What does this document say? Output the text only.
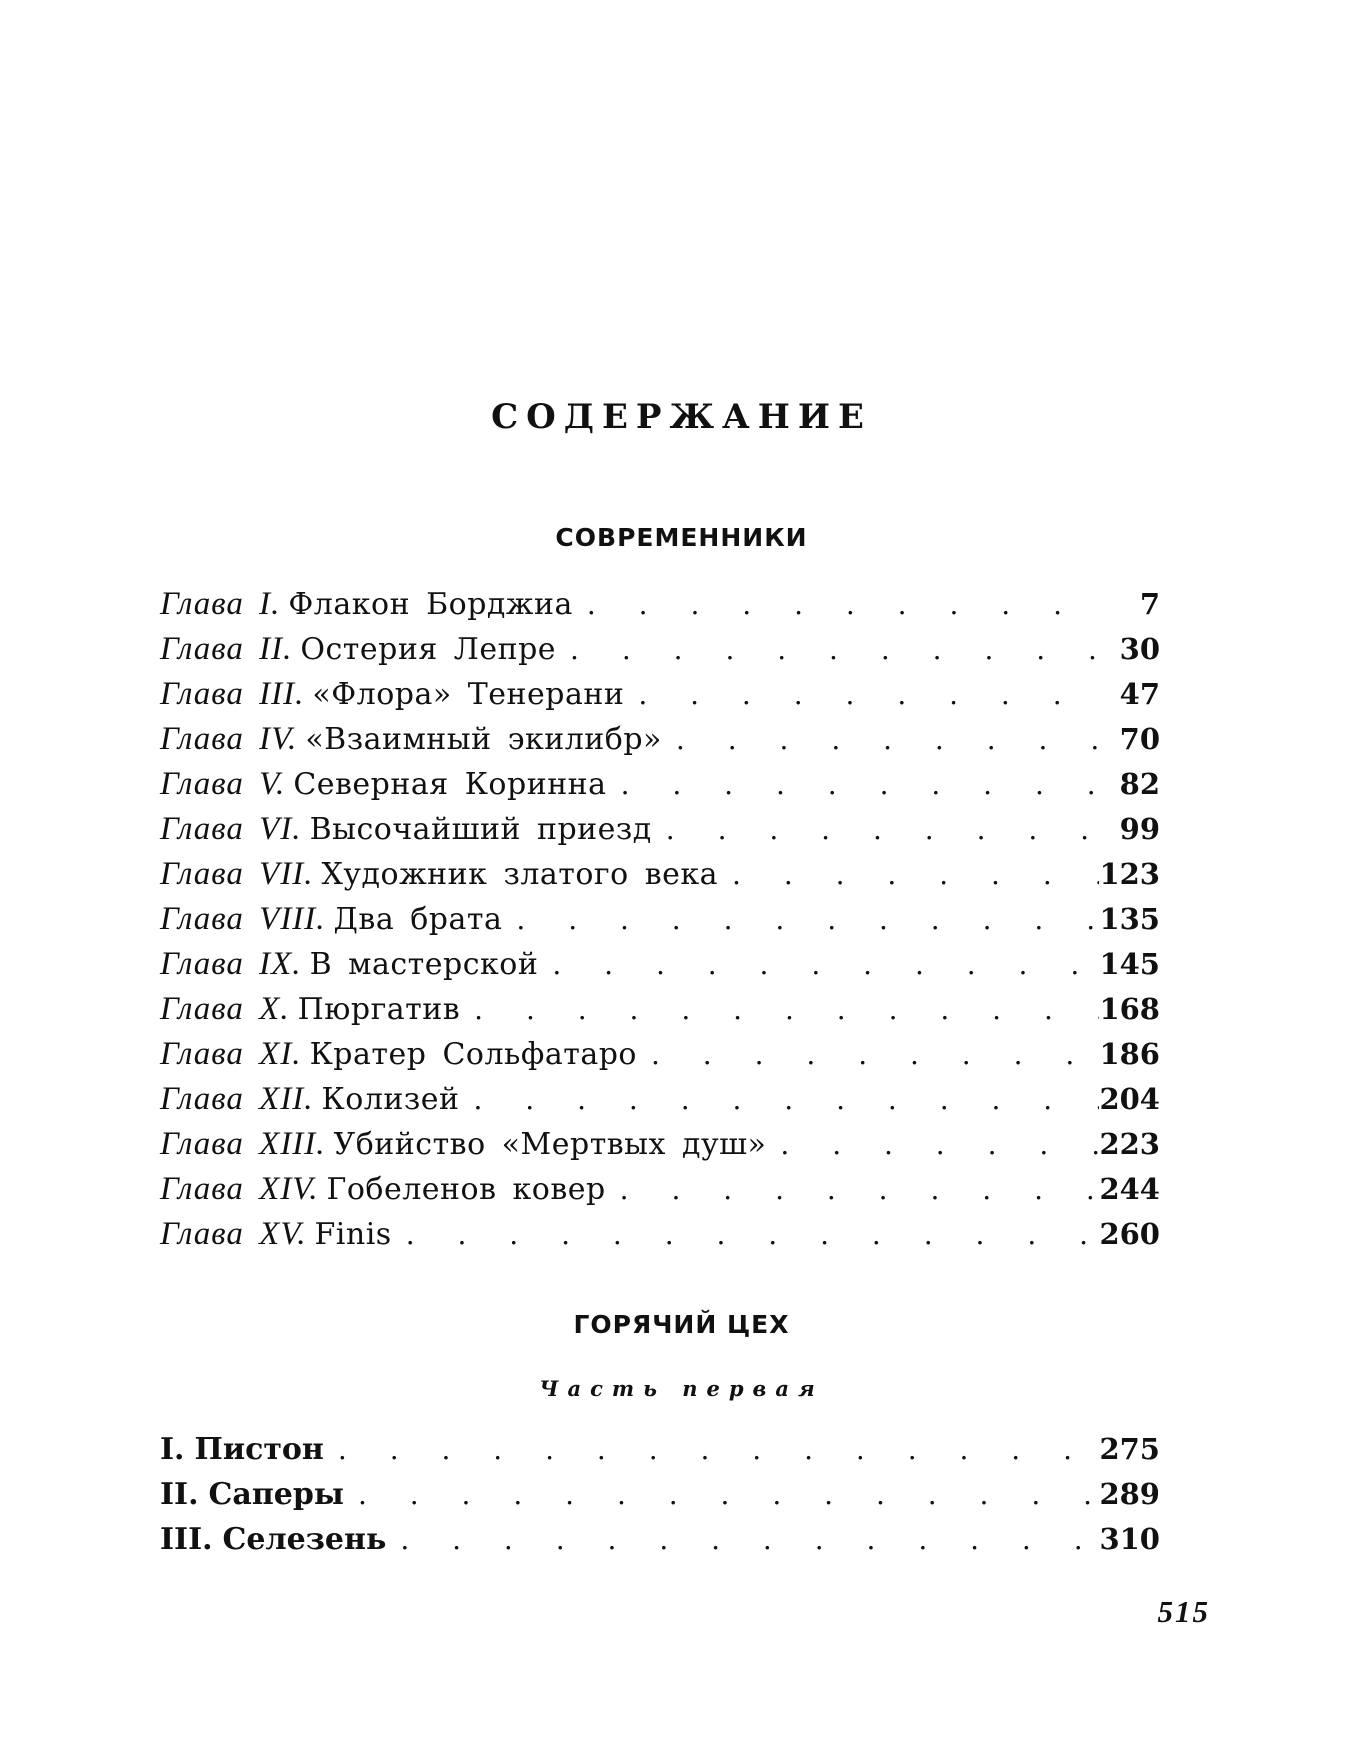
СОДЕРЖАНИЕ
СОВРЕМЕННИКИ
Глава I. Флакон Борджиа . . .	7
Глава II. Остерия Лепре . . .	30
Глава III. «Флора» Тенерани . . .	47
Глава IV. «Взаимный экилибр» . . .	70
Глава V. Северная Коринна . . .	82
Глава VI. Высочайший приезд . . .	99
Глава VII. Художник златого века . . .	123
Глава VIII. Два брата . . .	135
Глава IX. В мастерской . . .	145
Глава X. Пюргатив . . .	168
Глава XI. Кратер Сольфатаро . . .	186
Глава XII. Колизей . . .	204
Глава XIII. Убийство «Мертвых душ» . . .	223
Глава XIV. Гобеленов ковер . . .	244
Глава XV. Finis . . .	260
ГОРЯЧИЙ ЦЕХ
Часть первая
I. Пистон . . .	275
II. Саперы . . .	289
III. Селезень . . .	310
515
